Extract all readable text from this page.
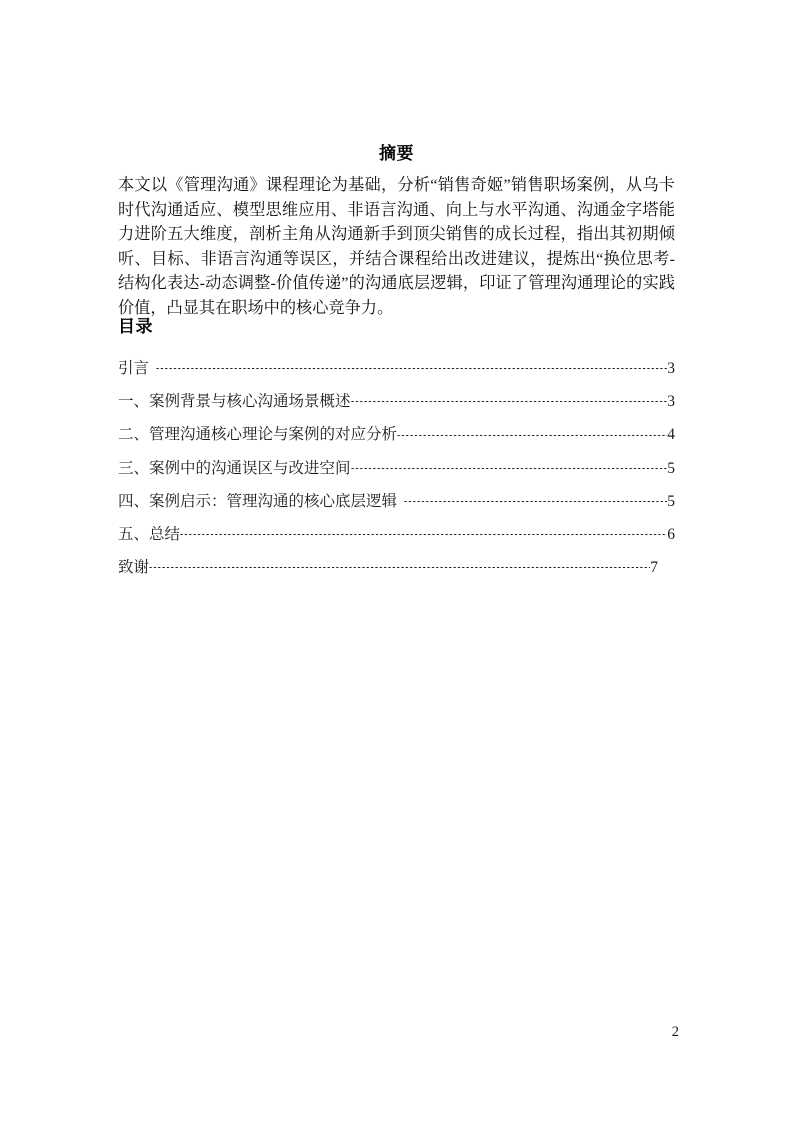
摘要

本文以《管理沟通》课程理论为基础，分析“销售奇姬”销售职场案例，从乌卡时代沟通适应、模型思维应用、非语言沟通、向上与水平沟通、沟通金字塔能力进阶五大维度，剖析主角从沟通新手到顶尖销售的成长过程，指出其初期倾听、目标、非语言沟通等误区，并结合课程给出改进建议，提炼出“换位思考-结构化表达-动态调整-价值传递”的沟通底层逻辑，印证了管理沟通理论的实践价值，凸显其在职场中的核心竞争力。

目录
引言	3
一、案例背景与核心沟通场景概述	3
二、管理沟通核心理论与案例的对应分析	4
三、案例中的沟通误区与改进空间	5
四、案例启示：管理沟通的核心底层逻辑	5
五、总结	6
致谢	7
2
